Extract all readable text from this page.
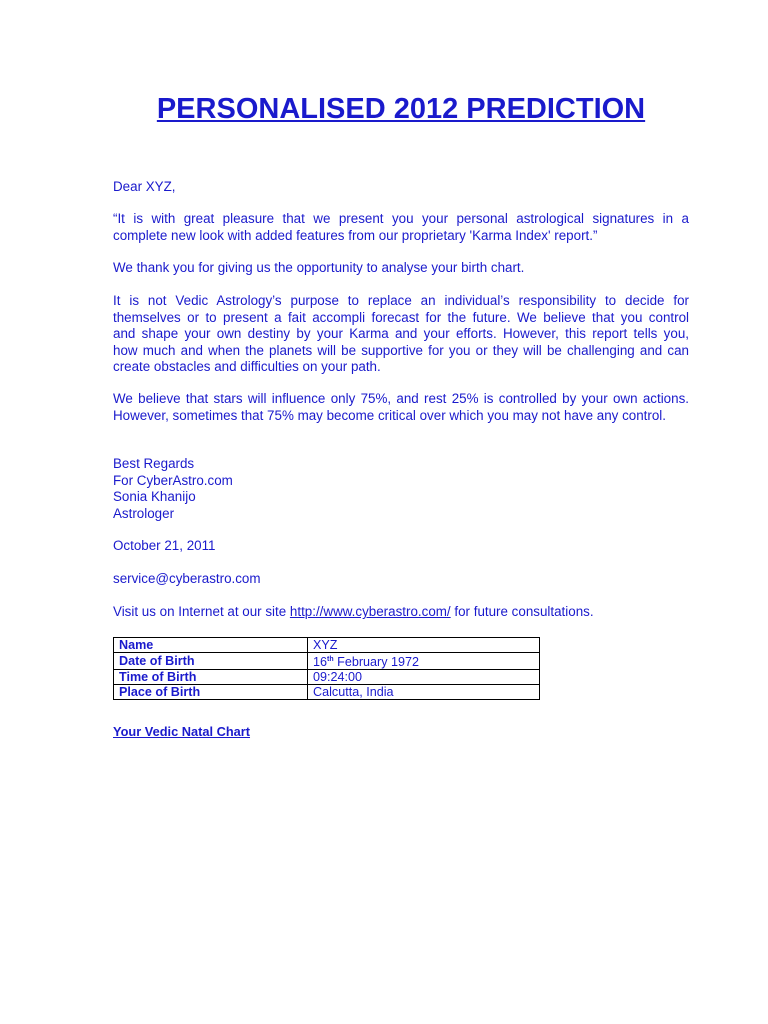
PERSONALISED 2012 PREDICTION
Dear XYZ,
“It is with great pleasure that we present you your personal astrological signatures in a
complete new look with added features from our proprietary 'Karma Index' report.”
We thank you for giving us the opportunity to analyse your birth chart.
It is not Vedic Astrology’s purpose to replace an individual’s responsibility to decide for
themselves or to present a fait accompli forecast for the future. We believe that you control
and shape your own destiny by your Karma and your efforts. However, this report tells you,
how much and when the planets will be supportive for you or they will be challenging and can
create obstacles and difficulties on your path.
We believe that stars will influence only 75%, and rest 25% is controlled by your own actions.
However, sometimes that 75% may become critical over which you may not have any control.
Best Regards
For CyberAstro.com
Sonia Khanijo
Astrologer
October 21, 2011
service@cyberastro.com
Visit us on Internet at our site http://www.cyberastro.com/ for future consultations.
Name	XYZ
Date of Birth	16th February 1972
Time of Birth	09:24:00
Place of Birth	Calcutta, India
Your Vedic Natal Chart
